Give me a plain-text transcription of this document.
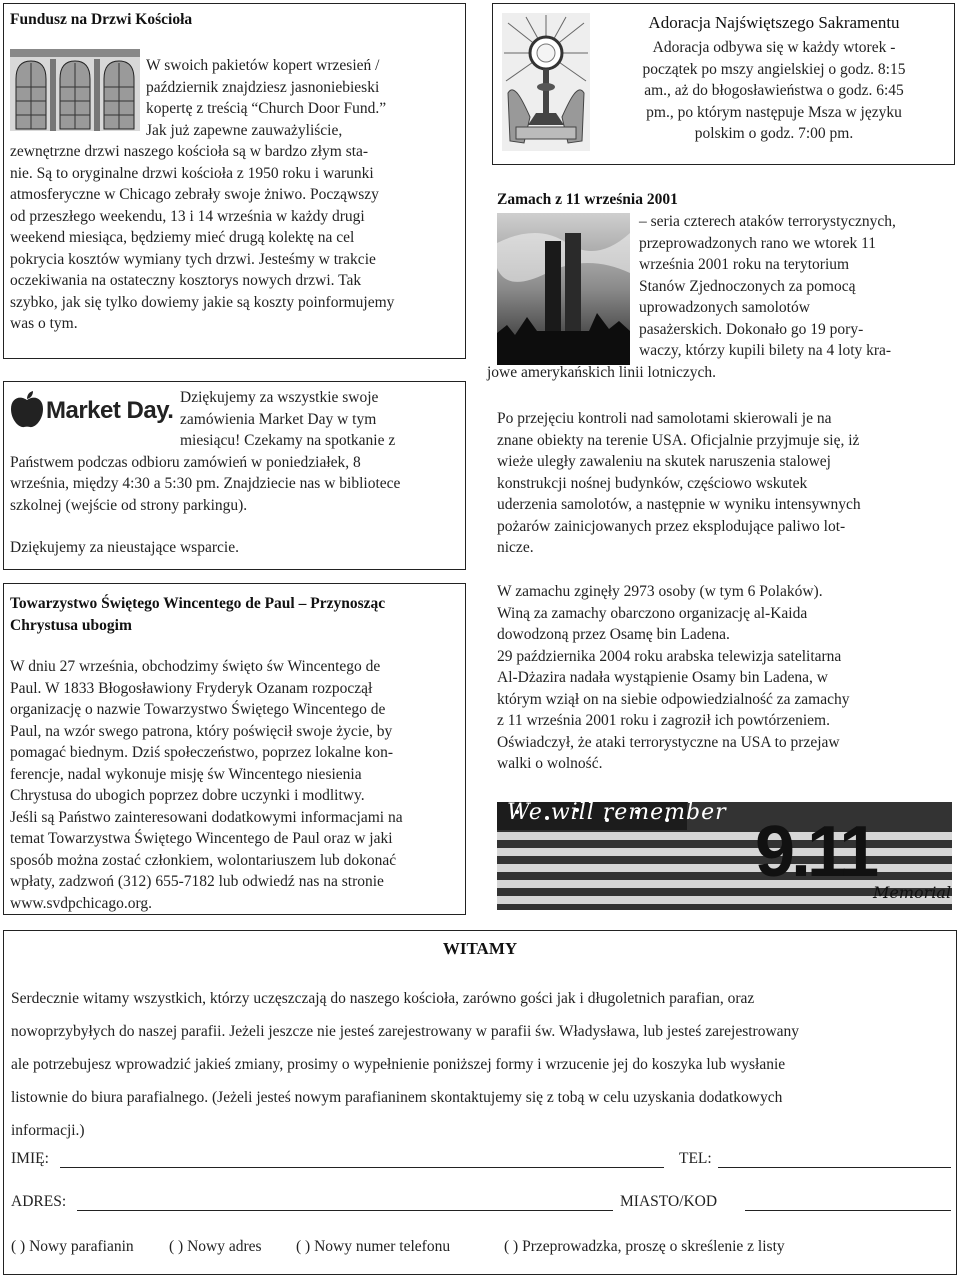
Fundusz na Drzwi Kościoła

W swoich pakietów kopert wrzesień /

październik znajdziesz jasnoniebieski

kopertę z treścią “Church Door Fund.”

Jak już zapewne zauważyliście,

zewnętrzne drzwi naszego kościoła są w bardzo złym sta-

nie. Są to oryginalne drzwi kościoła z 1950 roku i warunki

atmosferyczne w Chicago zebrały swoje żniwo. Począwszy

od przeszłego weekendu, 13 i 14 września w każdy drugi

weekend miesiąca, będziemy mieć drugą kolektę na cel

pokrycia kosztów wymiany tych drzwi. Jesteśmy w trakcie

oczekiwania na ostateczny kosztorys nowych drzwi. Tak

szybko, jak się tylko dowiemy jakie są koszty poinformujemy

was o tym.

Market Day. Dziękujemy za wszystkie swoje

zamówienia Market Day w tym

miesiącu! Czekamy na spotkanie z

Państwem podczas odbioru zamówień w poniedziałek, 8

września, między 4:30 a 5:30 pm. Znajdziecie nas w bibliotece

szkolnej (wejście od strony parkingu).

Dziękujemy za nieustające wsparcie.

Towarzystwo Świętego Wincentego de Paul – Przynosząc

Chrystusa ubogim

W dniu 27 września, obchodzimy święto św Wincentego de

Paul. W 1833 Błogosławiony Fryderyk Ozanam rozpoczął

organizację o nazwie Towarzystwo Świętego Wincentego de

Paul, na wzór swego patrona, który poświęcił swoje życie, by

pomagać biednym. Dziś społeczeństwo, poprzez lokalne kon-

ferencje, nadal wykonuje misję św Wincentego niesienia

Chrystusa do ubogich poprzez dobre uczynki i modlitwy.

Jeśli są Państwo zainteresowani dodatkowymi informacjami na

temat Towarzystwa Świętego Wincentego de Paul oraz w jaki

sposób można zostać członkiem, wolontariuszem lub dokonać

wpłaty, zadzwoń (312) 655-7182 lub odwiedź nas na stronie

www.svdpchicago.org.

Adoracja Najświętszego Sakramentu

Adoracja odbywa się w każdy wtorek -

początek po mszy angielskiej o godz. 8:15

am., aż do błogosławieństwa o godz. 6:45

pm., po którym następuje Msza w języku

polskim o godz. 7:00 pm.

Zamach z 11 września 2001

– seria czterech ataków terrorystycznych,

przeprowadzonych rano we wtorek 11

września 2001 roku na terytorium

Stanów Zjednoczonych za pomocą

uprowadzonych samolotów

pasażerskich. Dokonało go 19 pory-

waczy, którzy kupili bilety na 4 loty kra-

jowe amerykańskich linii lotniczych.

Po przejęciu kontroli nad samolotami skierowali je na

znane obiekty na terenie USA. Oficjalnie przyjmuje się, iż

wieże uległy zawaleniu na skutek naruszenia stalowej

konstrukcji nośnej budynków, częściowo wskutek

uderzenia samolotów, a następnie w wyniku intensywnych

pożarów zainicjowanych przez eksplodujące paliwo lot-

nicze.

W zamachu zginęły 2973 osoby (w tym 6 Polaków).

Winą za zamachy obarczono organizację al-Kaida

dowodzoną przez Osamę bin Ladena.

29 października 2004 roku arabska telewizja satelitarna

Al-Dżazira nadała wystąpienie Osamy bin Ladena, w

którym wziął on na siebie odpowiedzialność za zamachy

z 11 września 2001 roku i zagroził ich powtórzeniem.

Oświadczył, że ataki terrorystyczne na USA to przejaw

walki o wolność.

We will remember 9.11
Memorial
WITAMY

Serdecznie witamy wszystkich, którzy uczęszczają do naszego kościoła, zarówno gości jak i długoletnich parafian, oraz

nowoprzybyłych do naszej parafii. Jeżeli jeszcze nie jesteś zarejestrowany w parafii św. Władysława, lub jesteś zarejestrowany

ale potrzebujesz wprowadzić jakieś zmiany, prosimy o wypełnienie poniższej formy i wrzucenie jej do koszyka lub wysłanie

listownie do biura parafialnego. (Jeżeli jesteś nowym parafianinem skontaktujemy się z tobą w celu uzyskania dodatkowych

informacji.)

IMIĘ:	TEL:
ADRES:	MIASTO/KOD
( ) Nowy parafianin ( ) Nowy adres ( ) Nowy numer telefonu	( ) Przeprowadzka, proszę o skreślenie z listy
